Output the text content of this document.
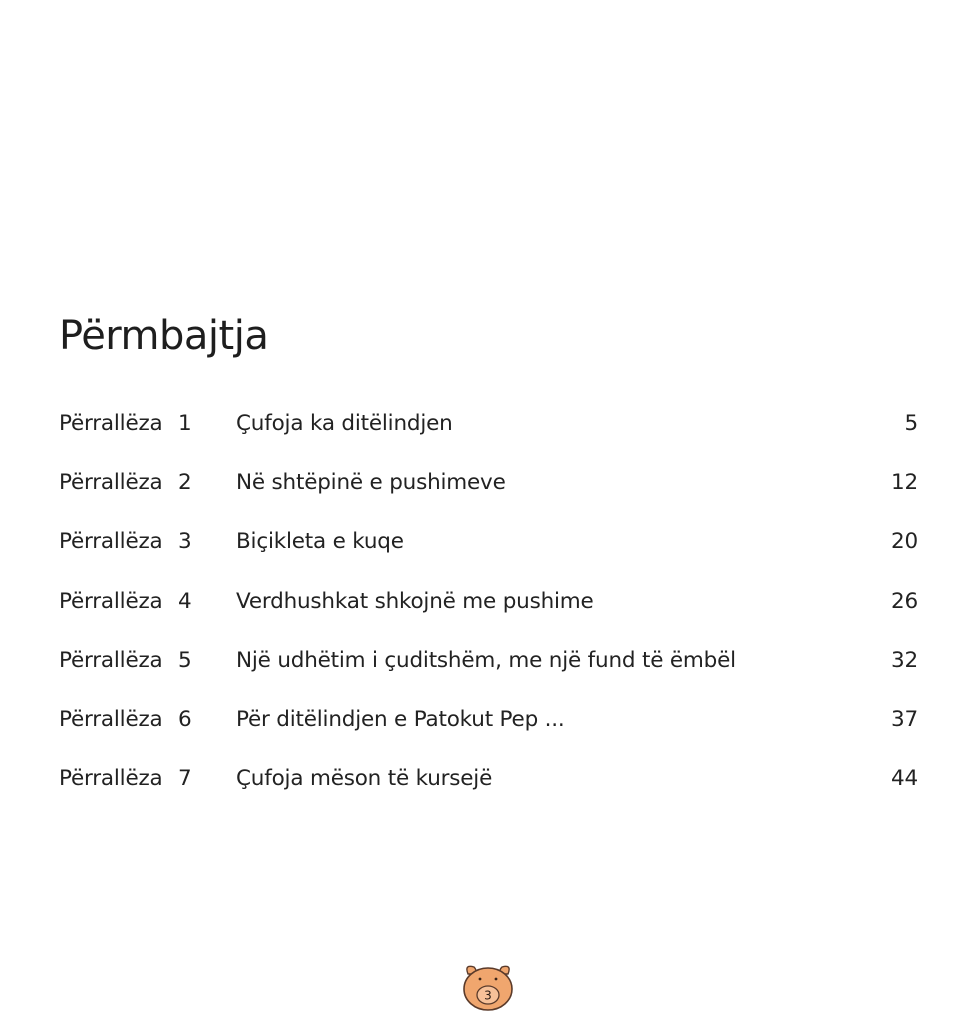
Përmbajtja
Përrallëza 1 Çufoja ka ditëlindjen	5
Përrallëza 2 Në shtëpinë e pushimeve	12
Përrallëza 3 Biçikleta e kuqe	20
Përrallëza 4 Verdhushkat shkojnë me pushime	26
Përrallëza 5 Një udhëtim i çuditshëm, me një fund të ëmbël	32
Përrallëza 6 Për ditëlindjen e Patokut Pep ...	37
Përrallëza 7 Çufoja mëson të kursejë	44
3
